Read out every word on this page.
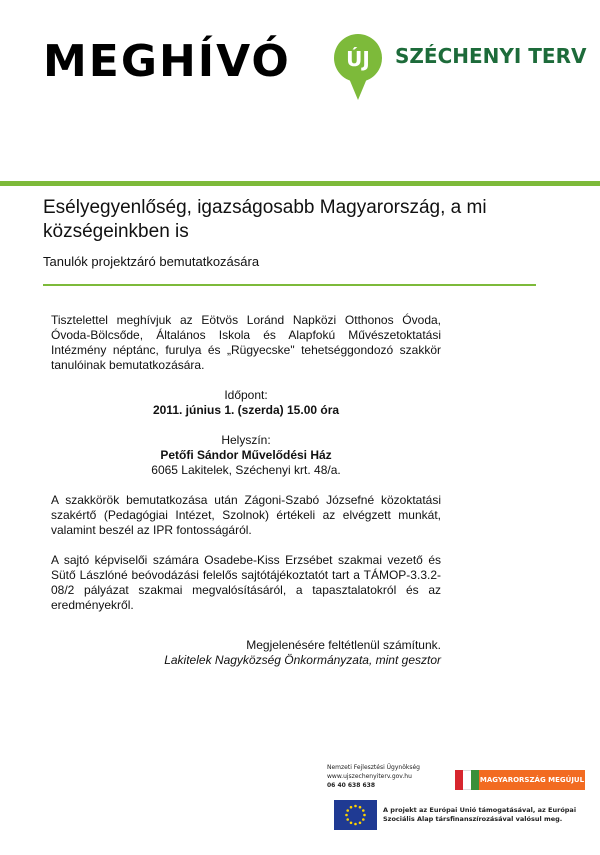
MEGHÍVÓ	ÚJ SZÉCHENYI TERV
Esélyegyenlőség, igazságosabb Magyarország, a mi községeinkben is
Tanulók projektzáró bemutatkozására

Tisztelettel meghívjuk az Eötvös Loránd Napközi Otthonos Óvoda, Óvoda-Bölcsőde, Általános Iskola és Alapfokú Művészetoktatási Intézmény néptánc, furulya és „Rügyecske" tehetséggondozó szakkör tanulóinak bemutatkozására.

Időpont:

2011. június 1. (szerda) 15.00 óra

Helyszín:

Petőfi Sándor Művelődési Ház

6065 Lakitelek, Széchenyi krt. 48/a.

A szakkörök bemutatkozása után Zágoni-Szabó Józsefné közoktatási szakértő (Pedagógiai Intézet, Szolnok) értékeli az elvégzett munkát, valamint beszél az IPR fontosságáról.

A sajtó képviselői számára Osadebe-Kiss Erzsébet szakmai vezető és Sütő Lászlóné beóvodázási felelős sajtótájékoztatót tart a TÁMOP-3.3.2-08/2 pályázat szakmai megvalósításáról, a tapasztalatokról és az eredményekről.

Megjelenésére feltétlenül számítunk.
Lakitelek Nagyközség Önkormányzata, mint gesztor
Nemzeti Fejlesztési Ügynökség
www.ujszechenyiterv.gov.hu
06 40 638 638
MAGYARORSZÁG MEGÚJUL
A projekt az Európai Unió támogatásával, az Európai Szociális Alap társfinanszírozásával valósul meg.
